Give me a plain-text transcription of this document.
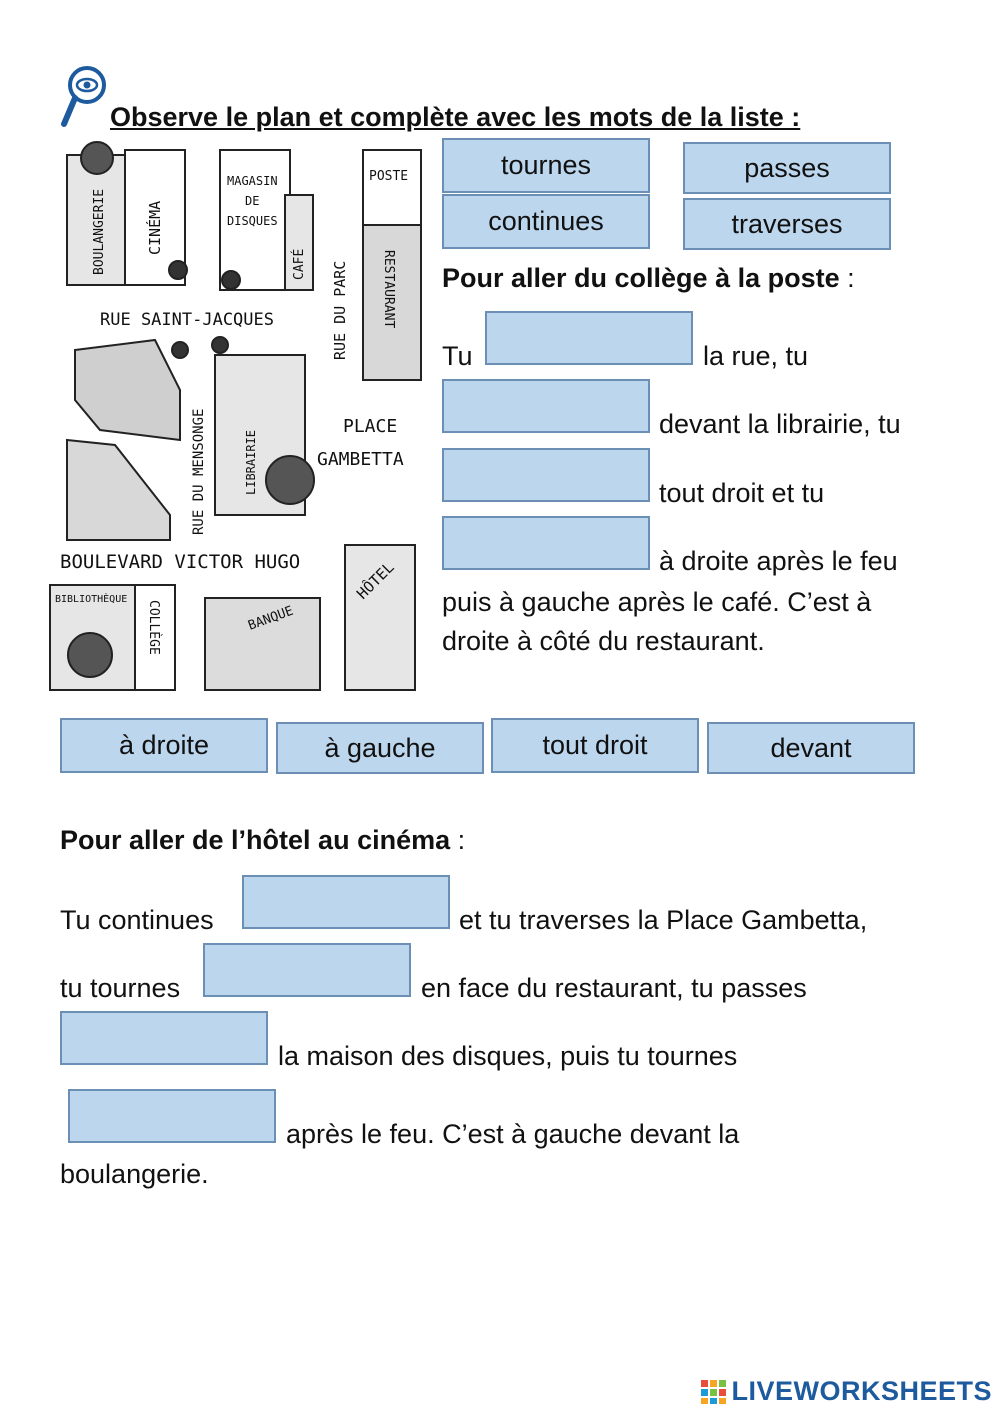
Observe le plan et complète avec les mots de la liste :
BOULANGERIE	CINÉMA
MAGASIN
DE
DISQUES
CAFÉ RUE DU PARC
POSTE
RESTAURANT
RUE SAINT-JACQUES
PLACE
GAMBETTA
RUE DU MENSONGE	LIBRAIRIE
BOULEVARD VICTOR HUGO	HÔTEL
BIBLIOTHÈQUE
COLLÈGE	BANQUE
tournes	passes
continues	traverses
Pour aller du collège à la poste :
Tu	la rue, tu
devant la librairie, tu
tout droit et tu
à droite après le feu
puis à gauche après le café. C’est à
droite à côté du restaurant.
à droite	à gauche	tout droit	devant
Pour aller de l’hôtel au cinéma :
Tu continues	et tu traverses la Place Gambetta,
tu tournes	en face du restaurant, tu passes
la maison des disques, puis tu tournes
après le feu. C’est à gauche devant la
boulangerie.
LIVEWORKSHEETS
